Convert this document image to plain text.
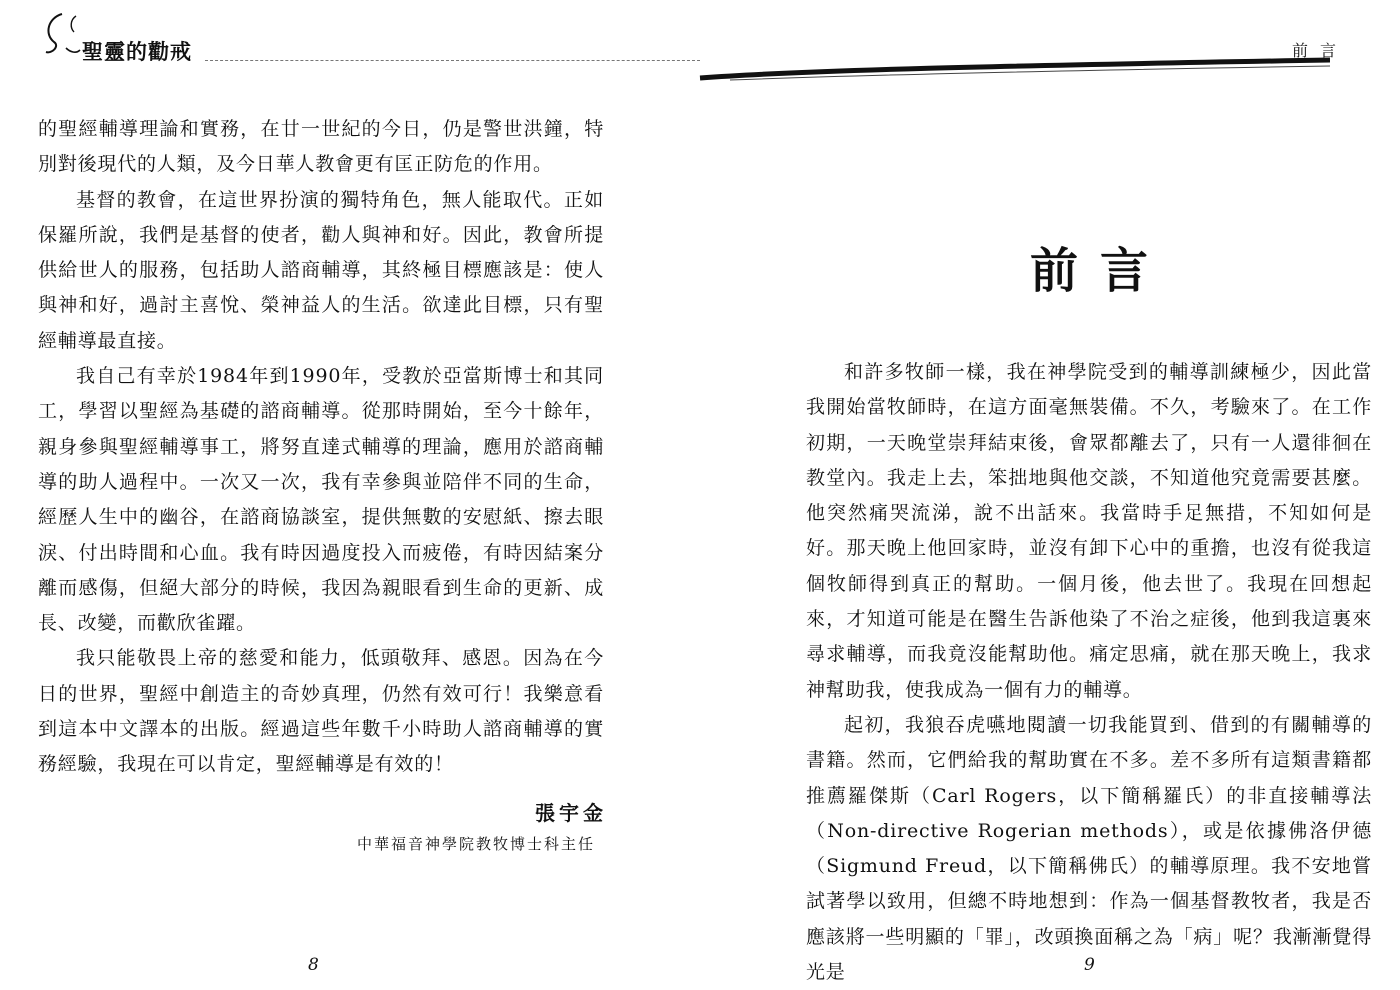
聖靈的勸戒	前言

的聖經輔導理論和實務，在廿一世紀的今日，仍是警世洪鐘，特別對後現代的人類，及今日華人教會更有匡正防危的作用。

基督的教會，在這世界扮演的獨特角色，無人能取代。正如保羅所說，我們是基督的使者，勸人與神和好。因此，教會所提供給世人的服務，包括助人諮商輔導，其終極目標應該是：使人與神和好，過討主喜悅、榮神益人的生活。欲達此目標，只有聖經輔導最直接。

我自己有幸於1984年到1990年，受教於亞當斯博士和其同工，學習以聖經為基礎的諮商輔導。從那時開始，至今十餘年，親身參與聖經輔導事工，將努直達式輔導的理論，應用於諮商輔導的助人過程中。一次又一次，我有幸參與並陪伴不同的生命，經歷人生中的幽谷，在諮商協談室，提供無數的安慰紙、擦去眼淚、付出時間和心血。我有時因過度投入而疲倦，有時因結案分離而感傷，但絕大部分的時候，我因為親眼看到生命的更新、成長、改變，而歡欣雀躍。

我只能敬畏上帝的慈愛和能力，低頭敬拜、感恩。因為在今日的世界，聖經中創造主的奇妙真理，仍然有效可行！我樂意看到這本中文譯本的出版。經過這些年數千小時助人諮商輔導的實務經驗，我現在可以肯定，聖經輔導是有效的！

張宇金
中華福音神學院教牧博士科主任
8
前言

和許多牧師一樣，我在神學院受到的輔導訓練極少，因此當我開始當牧師時，在這方面毫無裝備。不久，考驗來了。在工作初期，一天晚堂崇拜結束後，會眾都離去了，只有一人還徘徊在教堂內。我走上去，笨拙地與他交談，不知道他究竟需要甚麼。他突然痛哭流涕，說不出話來。我當時手足無措，不知如何是好。那天晚上他回家時，並沒有卸下心中的重擔，也沒有從我這個牧師得到真正的幫助。一個月後，他去世了。我現在回想起來，才知道可能是在醫生告訴他染了不治之症後，他到我這裏來尋求輔導，而我竟沒能幫助他。痛定思痛，就在那天晚上，我求神幫助我，使我成為一個有力的輔導。

起初，我狼吞虎嚥地閱讀一切我能買到、借到的有關輔導的書籍。然而，它們給我的幫助實在不多。差不多所有這類書籍都推薦羅傑斯（Carl Rogers，以下簡稱羅氏）的非直接輔導法（Non-directive Rogerian methods），或是依據佛洛伊德（Sigmund Freud，以下簡稱佛氏）的輔導原理。我不安地嘗試著學以致用，但總不時地想到：作為一個基督教牧者，我是否應該將一些明顯的「罪」，改頭換面稱之為「病」呢？我漸漸覺得光是	9
